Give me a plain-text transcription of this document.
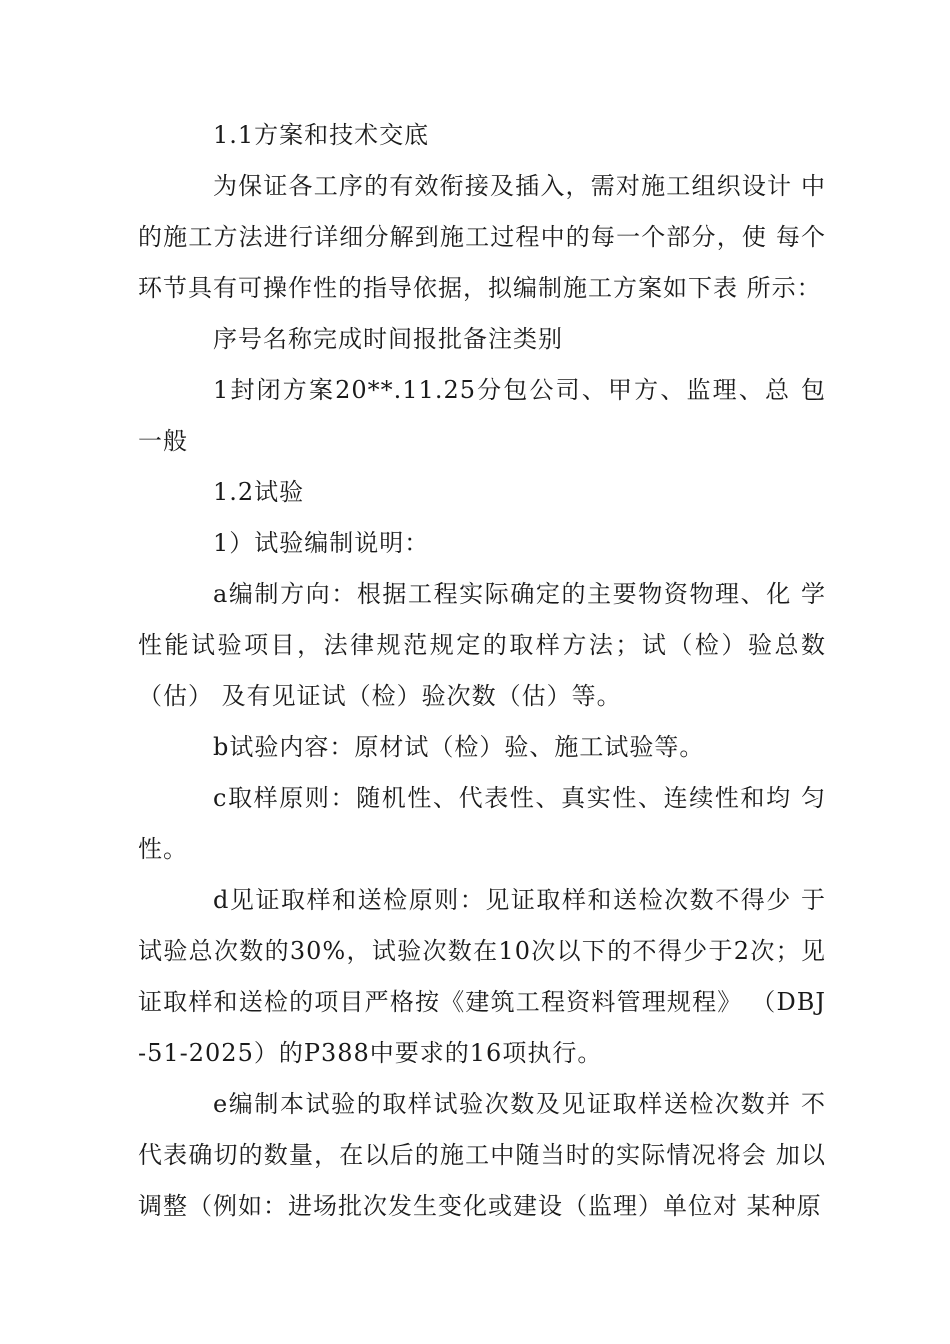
1.1方案和技术交底

为保证各工序的有效衔接及插入，需对施工组织设计 中的施工方法进行详细分解到施工过程中的每一个部分，使 每个环节具有可操作性的指导依据，拟编制施工方案如下表 所示：

序号名称完成时间报批备注类别

1封闭方案20**.11.25分包公司、甲方、监理、总 包一般

1.2试验

1）试验编制说明：

a编制方向：根据工程实际确定的主要物资物理、化 学性能试验项目，法律规范规定的取样方法；试（检）验总数（估） 及有见证试（检）验次数（估）等。

b试验内容：原材试（检）验、施工试验等。

c取样原则：随机性、代表性、真实性、连续性和均 匀性。

d见证取样和送检原则：见证取样和送检次数不得少 于试验总次数的30%，试验次数在10次以下的不得少于2次；见证取样和送检的项目严格按《建筑工程资料管理规程》 （DBJ-51-2025）的P388中要求的16项执行。

e编制本试验的取样试验次数及见证取样送检次数并 不代表确切的数量，在以后的施工中随当时的实际情况将会 加以调整（例如：进场批次发生变化或建设（监理）单位对 某种原
